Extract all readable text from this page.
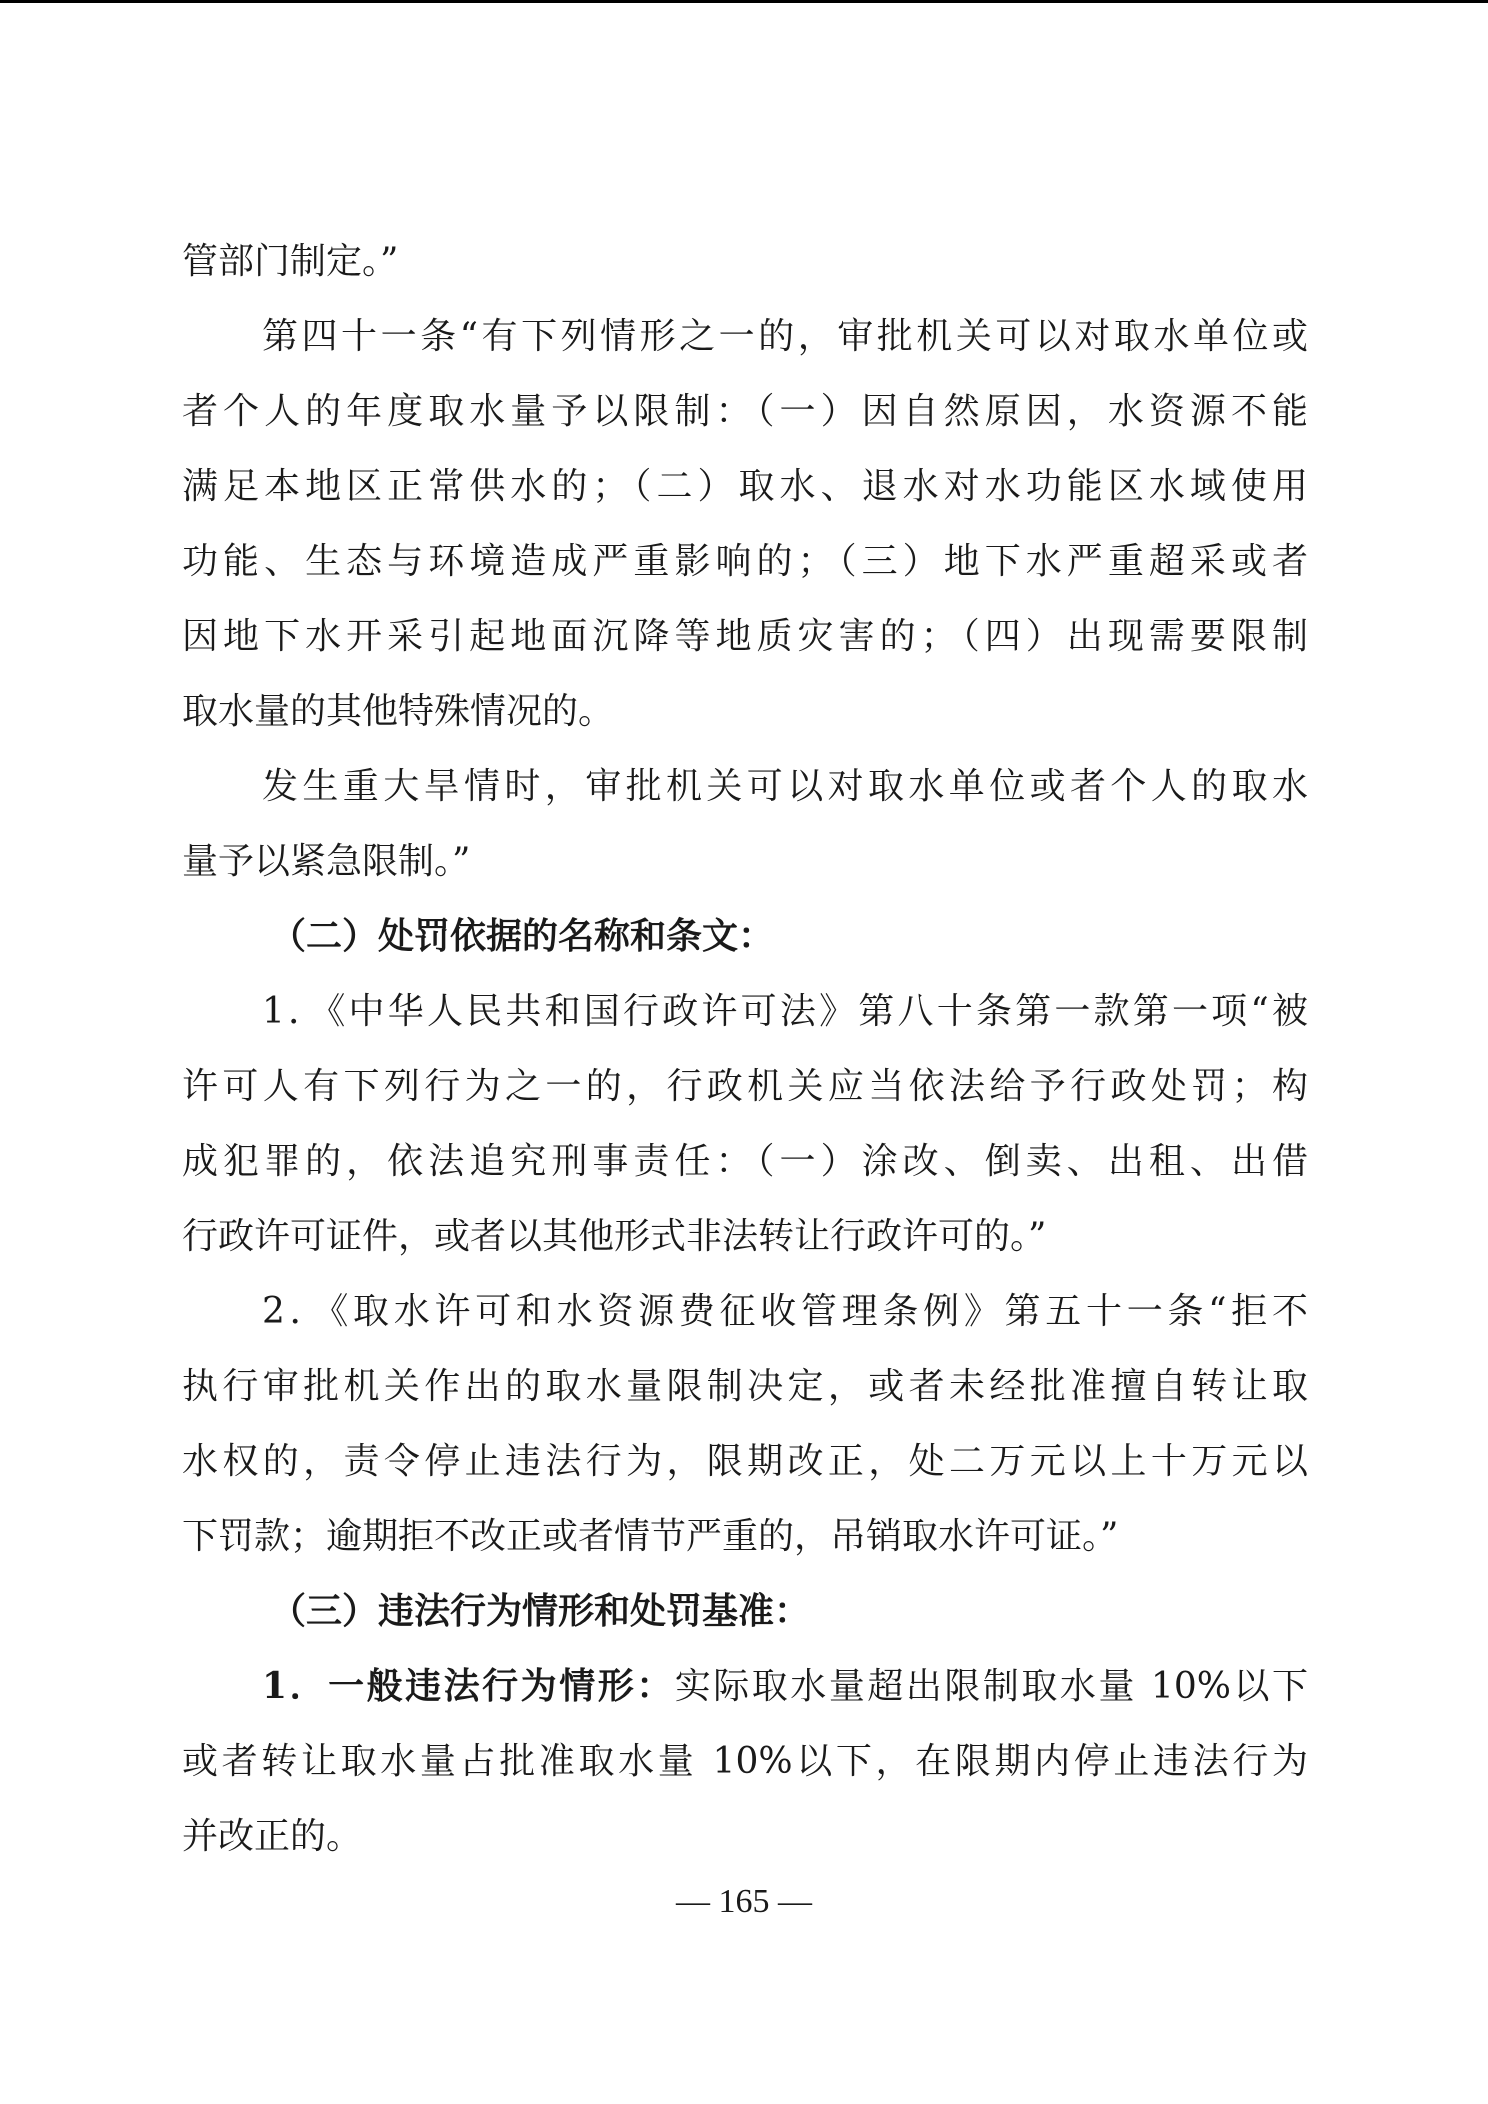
管部门制定。”
第四十一条“有下列情形之一的，审批机关可以对取水单位或
者个人的年度取水量予以限制：（一）因自然原因，水资源不能
满足本地区正常供水的；（二）取水、退水对水功能区水域使用
功能、生态与环境造成严重影响的；（三）地下水严重超采或者
因地下水开采引起地面沉降等地质灾害的；（四）出现需要限制
取水量的其他特殊情况的。
发生重大旱情时，审批机关可以对取水单位或者个人的取水
量予以紧急限制。”
（二）处罚依据的名称和条文：
1．《中华人民共和国行政许可法》第八十条第一款第一项“被
许可人有下列行为之一的，行政机关应当依法给予行政处罚；构
成犯罪的，依法追究刑事责任：（一）涂改、倒卖、出租、出借
行政许可证件，或者以其他形式非法转让行政许可的。”
2．《取水许可和水资源费征收管理条例》第五十一条“拒不
执行审批机关作出的取水量限制决定，或者未经批准擅自转让取
水权的，责令停止违法行为，限期改正，处二万元以上十万元以
下罚款；逾期拒不改正或者情节严重的，吊销取水许可证。”
（三）违法行为情形和处罚基准：
1．一般违法行为情形：实际取水量超出限制取水量 10%以下
或者转让取水量占批准取水量 10%以下，在限期内停止违法行为
并改正的。
— 165 —
